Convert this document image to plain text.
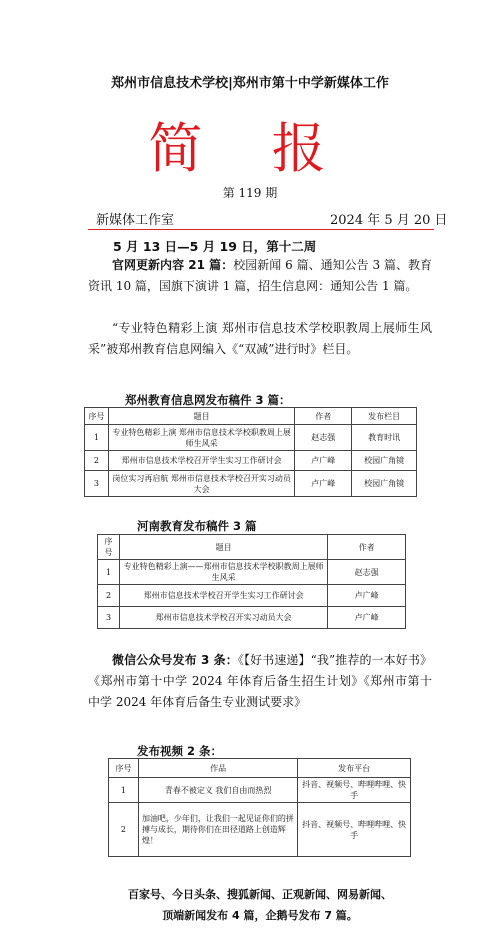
郑州市信息技术学校|郑州市第十中学新媒体工作
简 报
第 119 期
新媒体工作室	2024 年 5 月 20 日
5 月 13 日—5 月 19 日，第十二周
官网更新内容 21 篇：校园新闻 6 篇、通知公告 3 篇、教育资讯 10 篇，国旗下演讲 1 篇，招生信息网：通知公告 1 篇。
“专业特色精彩上演 郑州市信息技术学校职教周上展师生风采”被郑州教育信息网编入《“双减”进行时》栏目。
郑州教育信息网发布稿件 3 篇：
序号	题目	作者	发布栏目
1	专业特色精彩上演 郑州市信息技术学校职教周上展师生风采	赵志强	教育时讯
2	郑州市信息技术学校召开学生实习工作研讨会	卢广峰	校园广角镜
3	岗位实习再启航 郑州市信息技术学校召开实习动员大会	卢广峰	校园广角镜
河南教育发布稿件 3 篇
序号	题目	作者
1	专业特色精彩上演——郑州市信息技术学校职教周上展师生风采	赵志强
2	郑州市信息技术学校召开学生实习工作研讨会	卢广峰
3	郑州市信息技术学校召开实习动员大会	卢广峰
微信公众号发布 3 条：《【好书速递】“我”推荐的一本好书》《郑州市第十中学 2024 年体育后备生招生计划》《郑州市第十中学 2024 年体育后备生专业测试要求》
发布视频 2 条：
序号	作品	发布平台
1	青春不被定义 我们自由而热烈	抖音、视频号、哔哩哔哩、快手
2	加油吧，少年们，让我们一起见证你们的拼搏与成长，期待你们在田径道路上创造辉煌！	抖音、视频号、哔哩哔哩、快手
百家号、今日头条、搜狐新闻、正观新闻、网易新闻、
顶端新闻发布 4 篇，企鹅号发布 7 篇。
